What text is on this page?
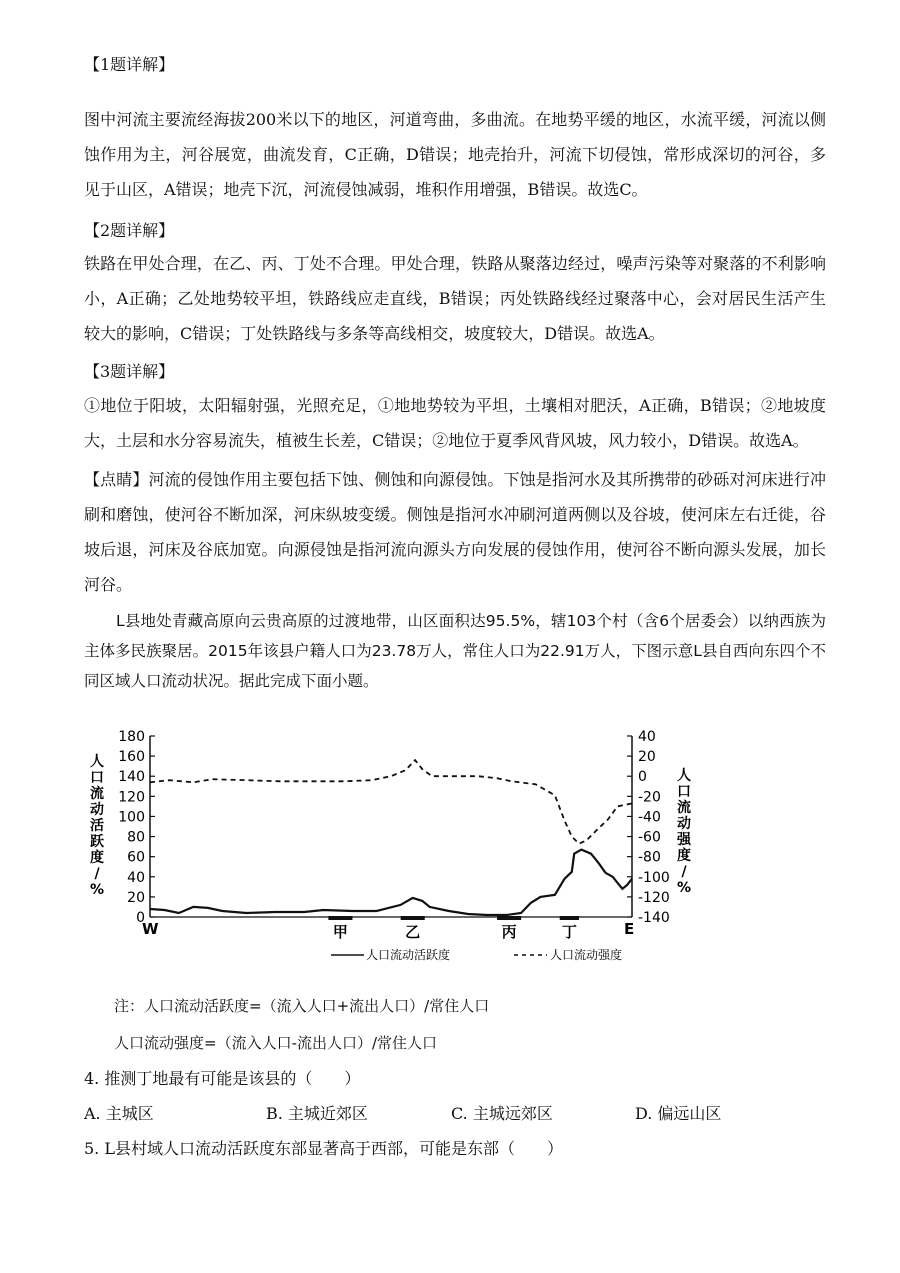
【1题详解】

图中河流主要流经海拔200米以下的地区，河道弯曲，多曲流。在地势平缓的地区，水流平缓，河流以侧蚀作用为主，河谷展宽，曲流发育，C正确，D错误；地壳抬升，河流下切侵蚀，常形成深切的河谷，多见于山区，A错误；地壳下沉，河流侵蚀减弱，堆积作用增强，B错误。故选C。

【2题详解】

铁路在甲处合理，在乙、丙、丁处不合理。甲处合理，铁路从聚落边经过，噪声污染等对聚落的不利影响小，A正确；乙处地势较平坦，铁路线应走直线，B错误；丙处铁路线经过聚落中心，会对居民生活产生较大的影响，C错误；丁处铁路线与多条等高线相交，坡度较大，D错误。故选A。

【3题详解】

①地位于阳坡，太阳辐射强，光照充足，①地地势较为平坦，土壤相对肥沃，A正确，B错误；②地坡度大，土层和水分容易流失，植被生长差，C错误；②地位于夏季风背风坡，风力较小，D错误。故选A。

【点睛】河流的侵蚀作用主要包括下蚀、侧蚀和向源侵蚀。下蚀是指河水及其所携带的砂砾对河床进行冲刷和磨蚀，使河谷不断加深，河床纵坡变缓。侧蚀是指河水冲刷河道两侧以及谷坡，使河床左右迁徙，谷坡后退，河床及谷底加宽。向源侵蚀是指河流向源头方向发展的侵蚀作用，使河谷不断向源头发展，加长河谷。

L县地处青藏高原向云贵高原的过渡地带，山区面积达95.5%，辖103个村（含6个居委会）以纳西族为主体多民族聚居。2015年该县户籍人口为23.78万人，常住人口为22.91万人，下图示意L县自西向东四个不同区域人口流动状况。据此完成下面小题。

180
160
140
120
100
80
60
40
20
0
40
20
0
-20
-40
-60
-80
-100
-120
-140
人口流动活跃度/ %
人口流动强度/ %
甲	乙	丙	丁
W	E
人口流动活跃度	人口流动强度

注：人口流动活跃度=（流入人口+流出人口）/常住人口

人口流动强度=（流入人口-流出人口）/常住人口

4. 推测丁地最有可能是该县的（　　）

A. 主城区	B. 主城近郊区	C. 主城远郊区	D. 偏远山区

5. L县村域人口流动活跃度东部显著高于西部，可能是东部（　　）
